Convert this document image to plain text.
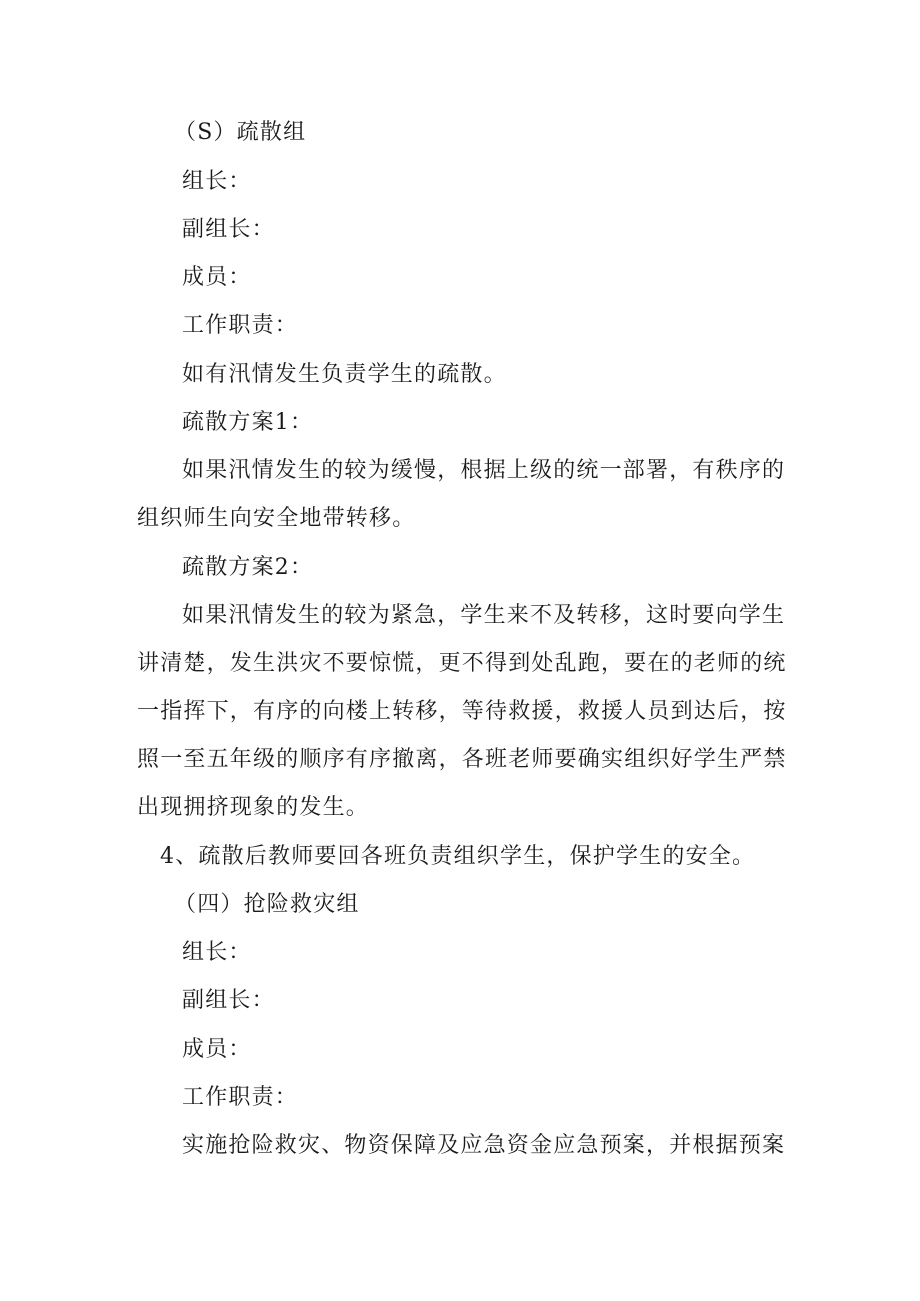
（S）疏散组
组长：
副组长：
成员：
工作职责：
如有汛情发生负责学生的疏散。
疏散方案1：
如果汛情发生的较为缓慢，根据上级的统一部署，有秩序的
组织师生向安全地带转移。
疏散方案2：
如果汛情发生的较为紧急，学生来不及转移，这时要向学生
讲清楚，发生洪灾不要惊慌，更不得到处乱跑，要在的老师的统
一指挥下，有序的向楼上转移，等待救援，救援人员到达后，按
照一至五年级的顺序有序撤离，各班老师要确实组织好学生严禁
出现拥挤现象的发生。
4、疏散后教师要回各班负责组织学生，保护学生的安全。
（四）抢险救灾组
组长：
副组长：
成员：
工作职责：
实施抢险救灾、物资保障及应急资金应急预案，并根据预案
